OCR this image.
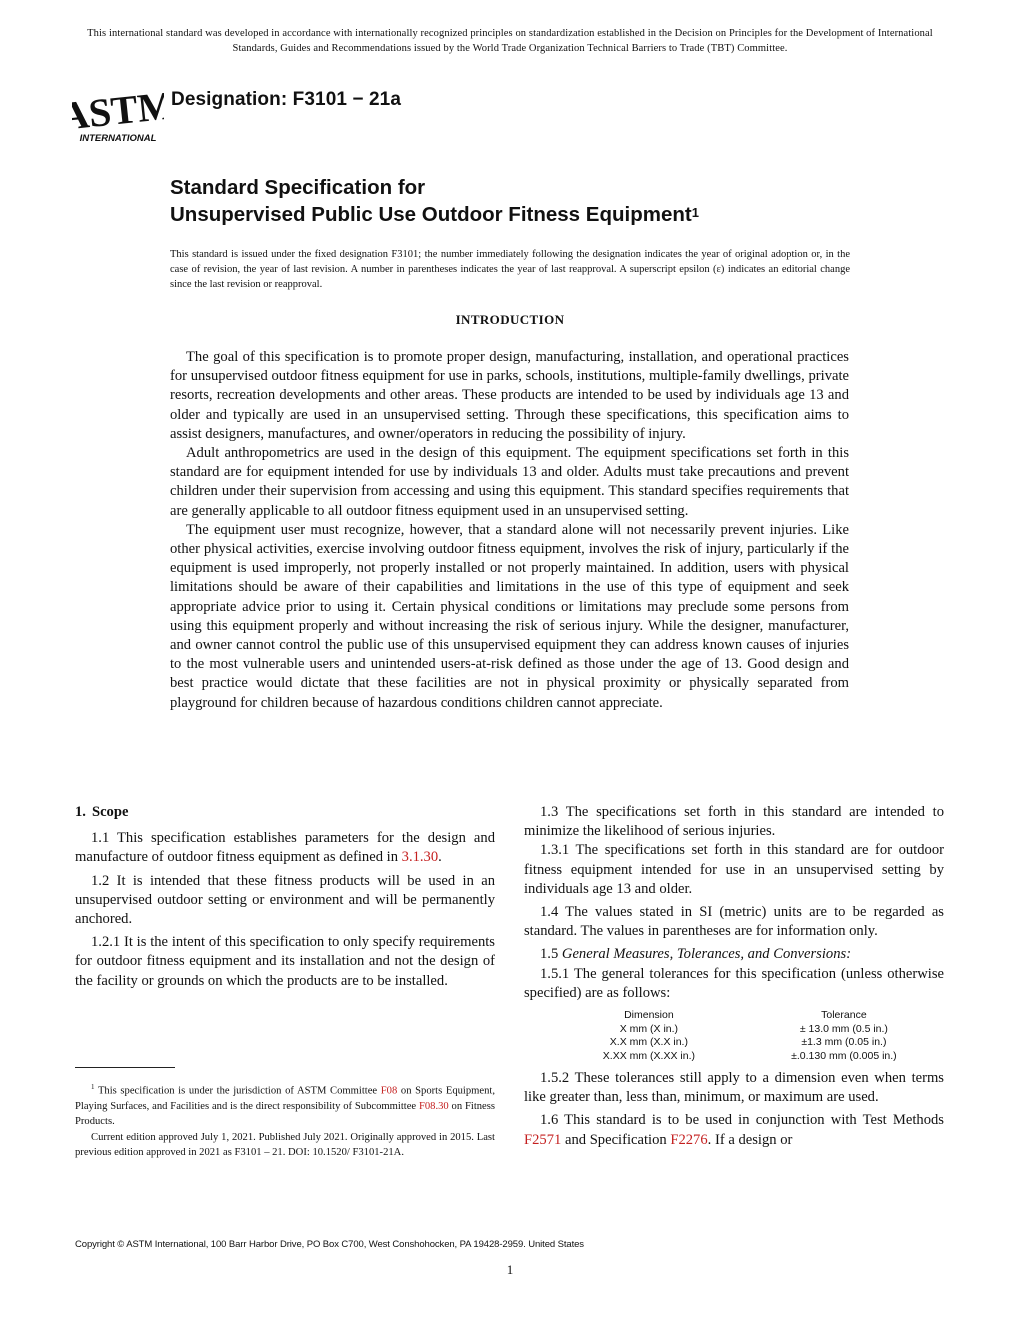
This international standard was developed in accordance with internationally recognized principles on standardization established in the Decision on Principles for the Development of International Standards, Guides and Recommendations issued by the World Trade Organization Technical Barriers to Trade (TBT) Committee.
ASTM
INTERNATIONAL
Designation: F3101 − 21a
Standard Specification for
Unsupervised Public Use Outdoor Fitness Equipment$^1$
This standard is issued under the fixed designation F3101; the number immediately following the designation indicates the year of original adoption or, in the case of revision, the year of last revision. A number in parentheses indicates the year of last reapproval. A superscript epsilon (ε) indicates an editorial change since the last revision or reapproval.
INTRODUCTION

The goal of this specification is to promote proper design, manufacturing, installation, and operational practices for unsupervised outdoor fitness equipment for use in parks, schools, institutions, multiple-family dwellings, private resorts, recreation developments and other areas. These products are intended to be used by individuals age 13 and older and typically are used in an unsupervised setting. Through these specifications, this specification aims to assist designers, manufactures, and owner/operators in reducing the possibility of injury.

Adult anthropometrics are used in the design of this equipment. The equipment specifications set forth in this standard are for equipment intended for use by individuals 13 and older. Adults must take precautions and prevent children under their supervision from accessing and using this equipment. This standard specifies requirements that are generally applicable to all outdoor fitness equipment used in an unsupervised setting.

The equipment user must recognize, however, that a standard alone will not necessarily prevent injuries. Like other physical activities, exercise involving outdoor fitness equipment, involves the risk of injury, particularly if the equipment is used improperly, not properly installed or not properly maintained. In addition, users with physical limitations should be aware of their capabilities and limitations in the use of this type of equipment and seek appropriate advice prior to using it. Certain physical conditions or limitations may preclude some persons from using this equipment properly and without increasing the risk of serious injury. While the designer, manufacturer, and owner cannot control the public use of this unsupervised equipment they can address known causes of injuries to the most vulnerable users and unintended users-at-risk defined as those under the age of 13. Good design and best practice would dictate that these facilities are not in physical proximity or physically separated from playground for children because of hazardous conditions children cannot appreciate.

1. Scope

1.1 This specification establishes parameters for the design and manufacture of outdoor fitness equipment as defined in 3.1.30.

1.2 It is intended that these fitness products will be used in an unsupervised outdoor setting or environment and will be permanently anchored.

1.2.1 It is the intent of this specification to only specify requirements for outdoor fitness equipment and its installation and not the design of the facility or grounds on which the products are to be installed.

1.3 The specifications set forth in this standard are intended to minimize the likelihood of serious injuries.

1.3.1 The specifications set forth in this standard are for outdoor fitness equipment intended for use in an unsupervised setting by individuals age 13 and older.

1.4 The values stated in SI (metric) units are to be regarded as standard. The values in parentheses are for information only.

1.5 General Measures, Tolerances, and Conversions:

1.5.1 The general tolerances for this specification (unless otherwise specified) are as follows:

Dimension	Tolerance
X mm (X in.)	± 13.0 mm (0.5 in.)
X.X mm (X.X in.)	±1.3 mm (0.05 in.)
X.XX mm (X.XX in.)	±.0.130 mm (0.005 in.)

1.5.2 These tolerances still apply to a dimension even when terms like greater than, less than, minimum, or maximum are used.

1.6 This standard is to be used in conjunction with Test Methods F2571 and Specification F2276. If a design or

$^1$ This specification is under the jurisdiction of ASTM Committee F08 on Sports Equipment, Playing Surfaces, and Facilities and is the direct responsibility of Subcommittee F08.30 on Fitness Products.

Current edition approved July 1, 2021. Published July 2021. Originally approved in 2015. Last previous edition approved in 2021 as F3101 – 21. DOI: 10.1520/ F3101-21A.

Copyright © ASTM International, 100 Barr Harbor Drive, PO Box C700, West Conshohocken, PA 19428-2959. United States
1
